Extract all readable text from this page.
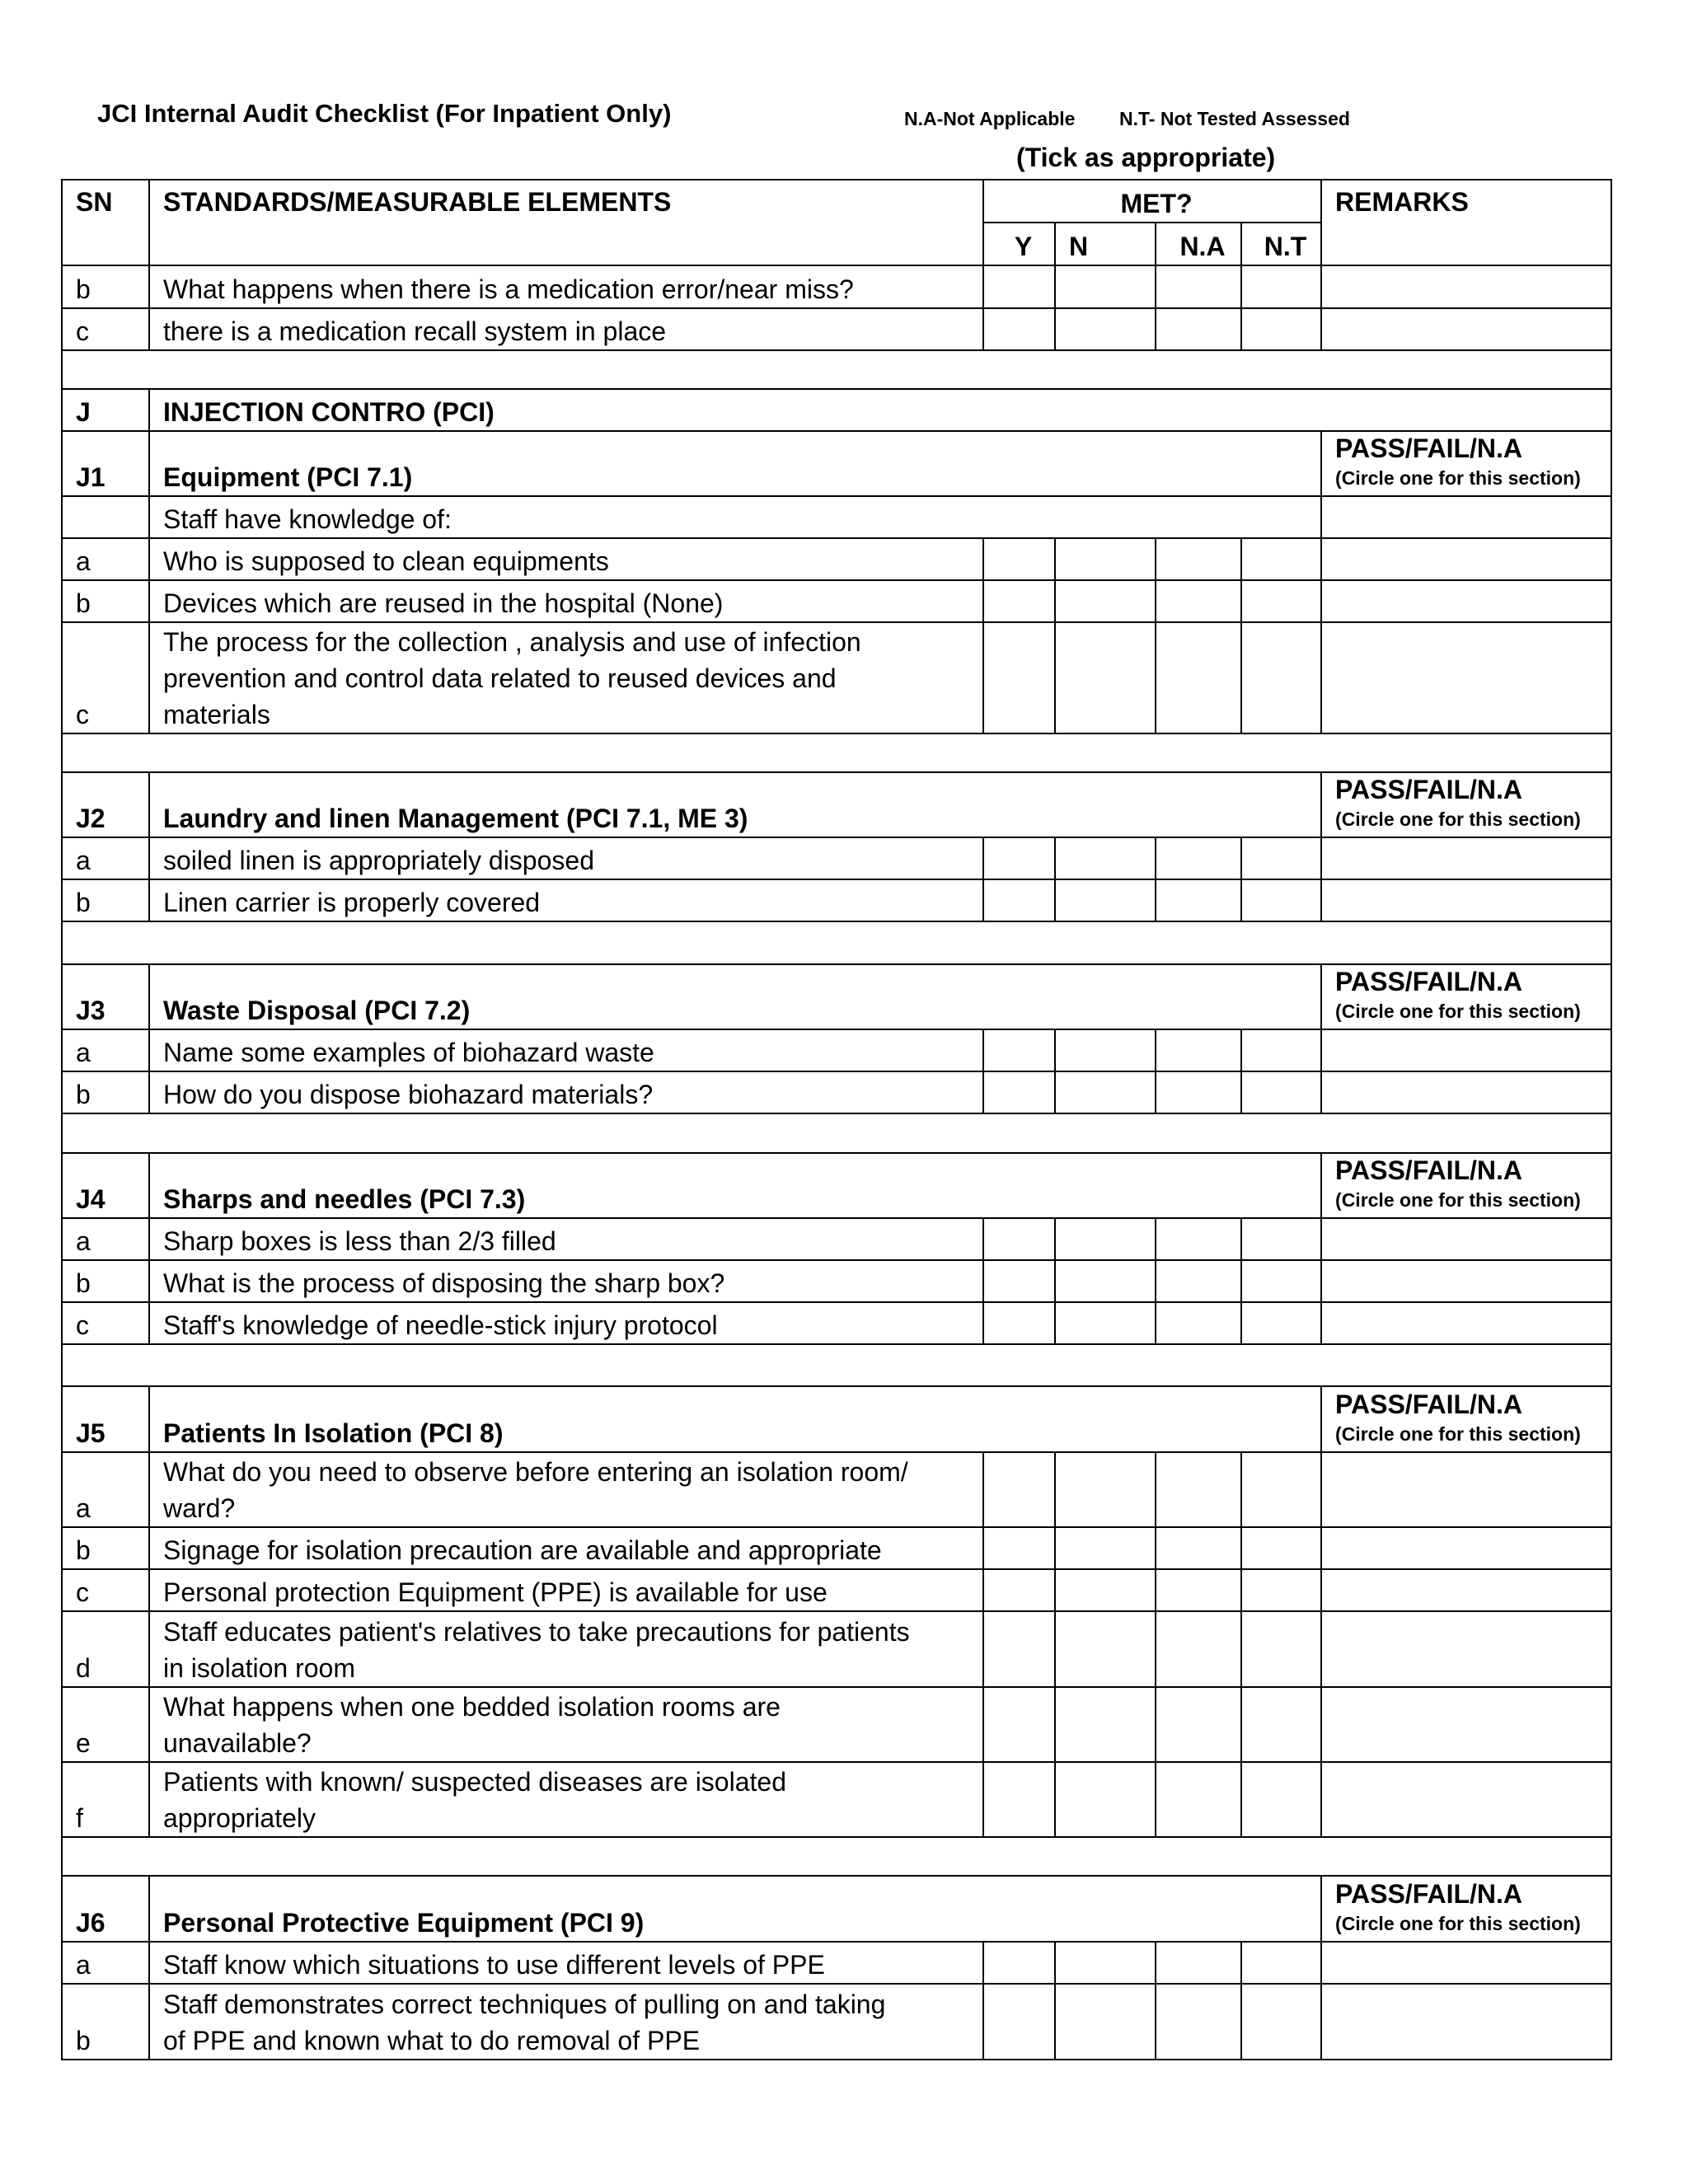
JCI Internal Audit Checklist (For Inpatient Only)	N.A-Not Applicable N.T- Not Tested Assessed
(Tick as appropriate)
SN	STANDARDS/MEASURABLE ELEMENTS	MET?				REMARKS
		Y	N	N.A	N.T	
b	What happens when there is a medication error/near miss?					
c	there is a medication recall system in place					

J	INJECTION CONTRO (PCI)					
J1	Equipment (PCI 7.1)					PASS/FAIL/N.A
(Circle one for this section)

	Staff have knowledge of:					
a	Who is supposed to clean equipments					
b	Devices which are reused in the hospital (None)					
c	The process for the collection , analysis and use of infection
prevention and control data related to reused devices and
materials					

J2	Laundry and linen Management (PCI 7.1, ME 3)					PASS/FAIL/N.A
(Circle one for this section)

a	soiled linen is appropriately disposed					
b	Linen carrier is properly covered					

J3	Waste Disposal (PCI 7.2)					PASS/FAIL/N.A
(Circle one for this section)

a	Name some examples of biohazard waste					
b	How do you dispose biohazard materials?					

J4	Sharps and needles (PCI 7.3)					PASS/FAIL/N.A
(Circle one for this section)

a	Sharp boxes is less than 2/3 filled					
b	What is the process of disposing the sharp box?					
c	Staff's knowledge of needle-stick injury protocol					

J5	Patients In Isolation (PCI 8)					PASS/FAIL/N.A
(Circle one for this section)

a	What do you need to observe before entering an isolation room/
ward?					

b	Signage for isolation precaution are available and appropriate					
c	Personal protection Equipment (PPE) is available for use					
d	Staff educates patient's relatives to take precautions for patients
in isolation room					

e	What happens when one bedded isolation rooms are
unavailable?					

f	Patients with known/ suspected diseases are isolated
appropriately					

J6	Personal Protective Equipment (PCI 9)					PASS/FAIL/N.A
(Circle one for this section)

a	Staff know which situations to use different levels of PPE					
b	Staff demonstrates correct techniques of pulling on and taking
of PPE and known what to do removal of PPE					
